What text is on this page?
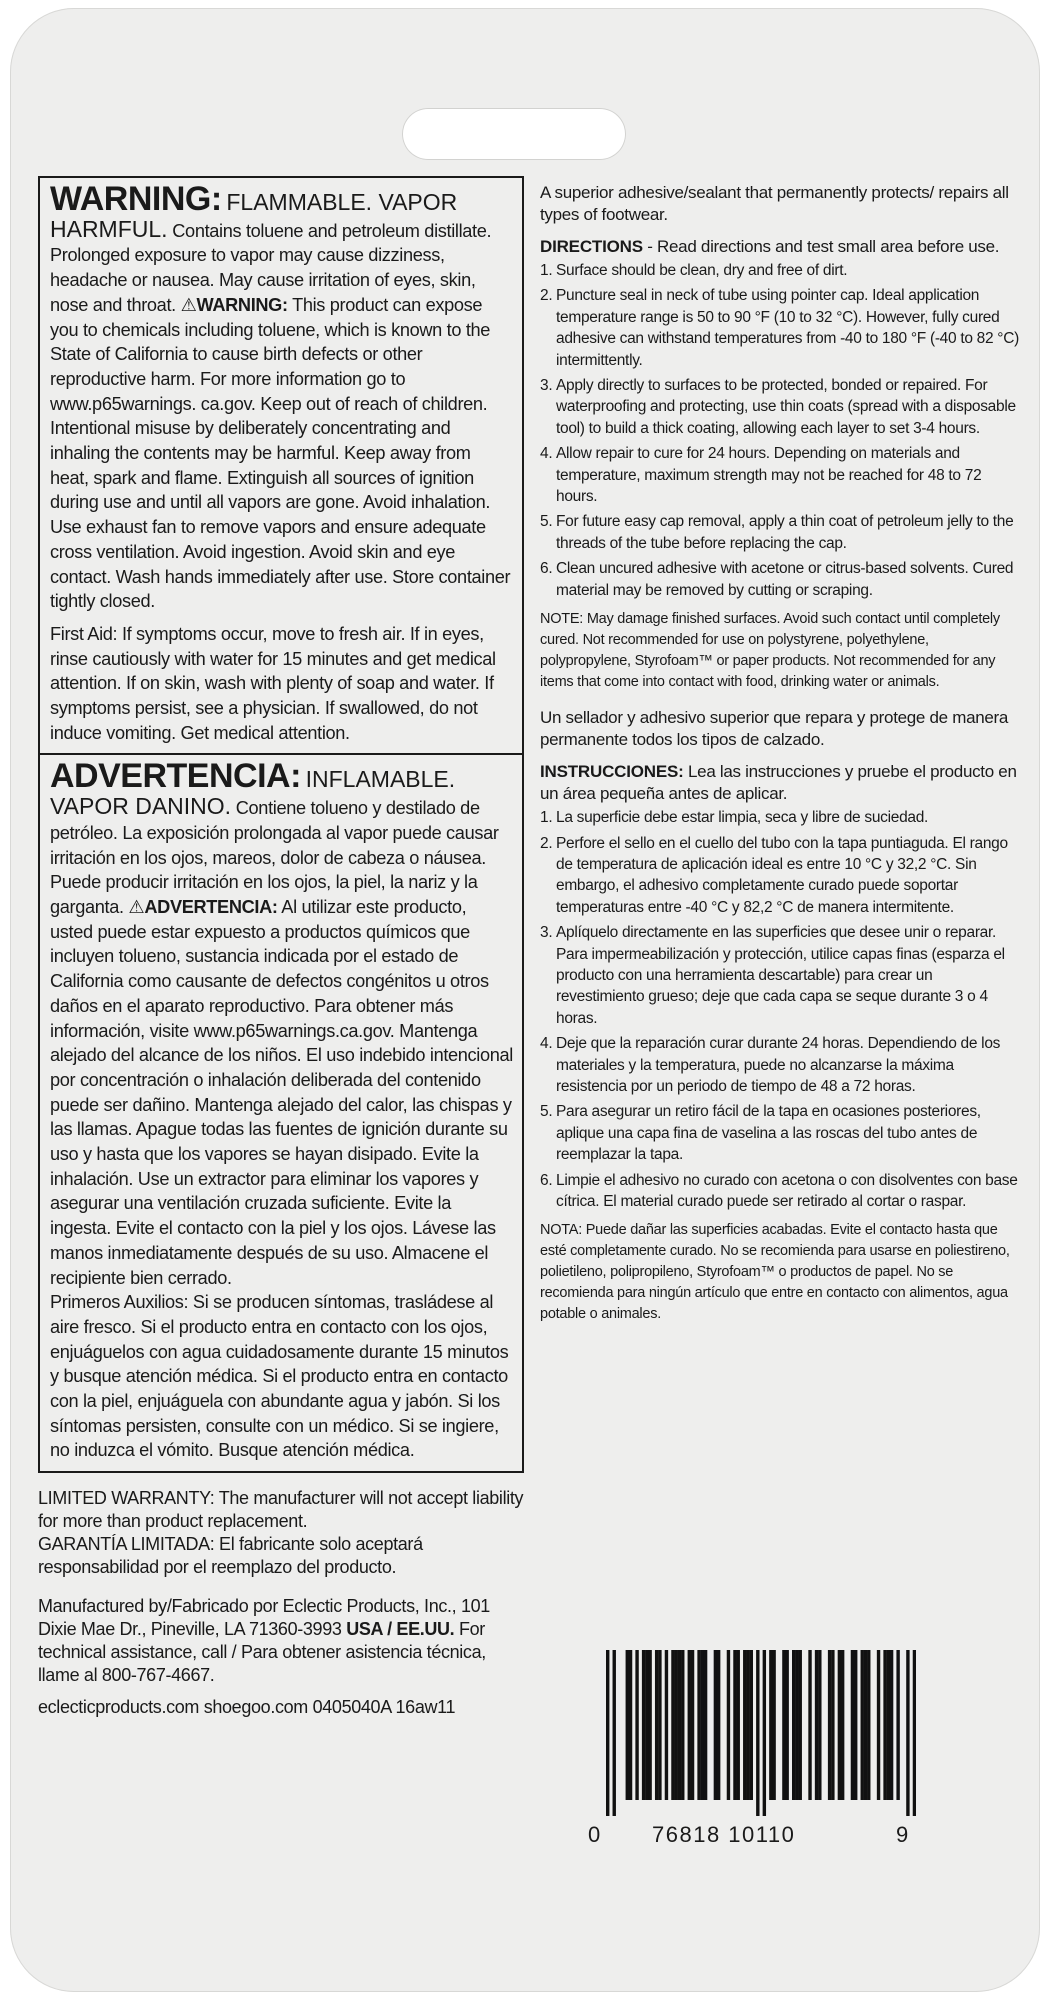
WARNING: FLAMMABLE. VAPOR HARMFUL. Contains toluene and petroleum distillate. Prolonged exposure to vapor may cause dizziness, headache or nausea. May cause irritation of eyes, skin, nose and throat. ⚠WARNING: This product can expose you to chemicals including toluene, which is known to the State of California to cause birth defects or other reproductive harm. For more information go to www.p65warnings. ca.gov. Keep out of reach of children. Intentional misuse by deliberately concentrating and inhaling the contents may be harmful. Keep away from heat, spark and flame. Extinguish all sources of ignition during use and until all vapors are gone. Avoid inhalation. Use exhaust fan to remove vapors and ensure adequate cross ventilation. Avoid ingestion. Avoid skin and eye contact. Wash hands immediately after use. Store container tightly closed.

First Aid: If symptoms occur, move to fresh air. If in eyes, rinse cautiously with water for 15 minutes and get medical attention. If on skin, wash with plenty of soap and water. If symptoms persist, see a physician. If swallowed, do not induce vomiting. Get medical attention.

ADVERTENCIA: INFLAMABLE. VAPOR DANINO. Contiene tolueno y destilado de petróleo. La exposición prolongada al vapor puede causar irritación en los ojos, mareos, dolor de cabeza o náusea. Puede producir irritación en los ojos, la piel, la nariz y la garganta. ⚠ADVERTENCIA: Al utilizar este producto, usted puede estar expuesto a productos químicos que incluyen tolueno, sustancia indicada por el estado de California como causante de defectos congénitos u otros daños en el aparato reproductivo. Para obtener más información, visite www.p65warnings.ca.gov. Mantenga alejado del alcance de los niños. El uso indebido intencional por concentración o inhalación deliberada del contenido puede ser dañino. Mantenga alejado del calor, las chispas y las llamas. Apague todas las fuentes de ignición durante su uso y hasta que los vapores se hayan disipado. Evite la inhalación. Use un extractor para eliminar los vapores y asegurar una ventilación cruzada suficiente. Evite la ingesta. Evite el contacto con la piel y los ojos. Lávese las manos inmediatamente después de su uso. Almacene el recipiente bien cerrado.

Primeros Auxilios: Si se producen síntomas, trasládese al aire fresco. Si el producto entra en contacto con los ojos, enjuáguelos con agua cuidadosamente durante 15 minutos y busque atención médica. Si el producto entra en contacto con la piel, enjuáguela con abundante agua y jabón. Si los síntomas persisten, consulte con un médico. Si se ingiere, no induzca el vómito. Busque atención médica.

LIMITED WARRANTY: The manufacturer will not accept liability for more than product replacement.
GARANTÍA LIMITADA: El fabricante solo aceptará responsabilidad por el reemplazo del producto.

Manufactured by/Fabricado por Eclectic Products, Inc., 101 Dixie Mae Dr., Pineville, LA 71360-3993 USA / EE.UU. For technical assistance, call / Para obtener asistencia técnica, llame al 800-767-4667.

eclecticproducts.com shoegoo.com 0405040A 16aw11

A superior adhesive/sealant that permanently protects/ repairs all types of footwear.

DIRECTIONS - Read directions and test small area before use.

1. Surface should be clean, dry and free of dirt.
2. Puncture seal in neck of tube using pointer cap. Ideal application temperature range is 50 to 90 °F (10 to 32 °C). However, fully cured adhesive can withstand temperatures from -40 to 180 °F (-40 to 82 °C) intermittently.
3. Apply directly to surfaces to be protected, bonded or repaired. For waterproofing and protecting, use thin coats (spread with a disposable tool) to build a thick coating, allowing each layer to set 3-4 hours.
4. Allow repair to cure for 24 hours. Depending on materials and temperature, maximum strength may not be reached for 48 to 72 hours.
5. For future easy cap removal, apply a thin coat of petroleum jelly to the threads of the tube before replacing the cap.
6. Clean uncured adhesive with acetone or citrus-based solvents. Cured material may be removed by cutting or scraping.

NOTE: May damage finished surfaces. Avoid such contact until completely cured. Not recommended for use on polystyrene, polyethylene, polypropylene, Styrofoam™ or paper products. Not recommended for any items that come into contact with food, drinking water or animals.

Un sellador y adhesivo superior que repara y protege de manera permanente todos los tipos de calzado.

INSTRUCCIONES: Lea las instrucciones y pruebe el producto en un área pequeña antes de aplicar.

1. La superficie debe estar limpia, seca y libre de suciedad.
2. Perfore el sello en el cuello del tubo con la tapa puntiaguda. El rango de temperatura de aplicación ideal es entre 10 °C y 32,2 °C. Sin embargo, el adhesivo completamente curado puede soportar temperaturas entre -40 °C y 82,2 °C de manera intermitente.
3. Aplíquelo directamente en las superficies que desee unir o reparar. Para impermeabilización y protección, utilice capas finas (esparza el producto con una herramienta descartable) para crear un revestimiento grueso; deje que cada capa se seque durante 3 o 4 horas.
4. Deje que la reparación curar durante 24 horas. Dependiendo de los materiales y la temperatura, puede no alcanzarse la máxima resistencia por un periodo de tiempo de 48 a 72 horas.
5. Para asegurar un retiro fácil de la tapa en ocasiones posteriores, aplique una capa fina de vaselina a las roscas del tubo antes de reemplazar la tapa.
6. Limpie el adhesivo no curado con acetona o con disolventes con base cítrica. El material curado puede ser retirado al cortar o raspar.

NOTA: Puede dañar las superficies acabadas. Evite el contacto hasta que esté completamente curado. No se recomienda para usarse en poliestireno, polietileno, polipropileno, Styrofoam™ o productos de papel. No se recomienda para ningún artículo que entre en contacto con alimentos, agua potable o animales.

0 76818 10110	9
